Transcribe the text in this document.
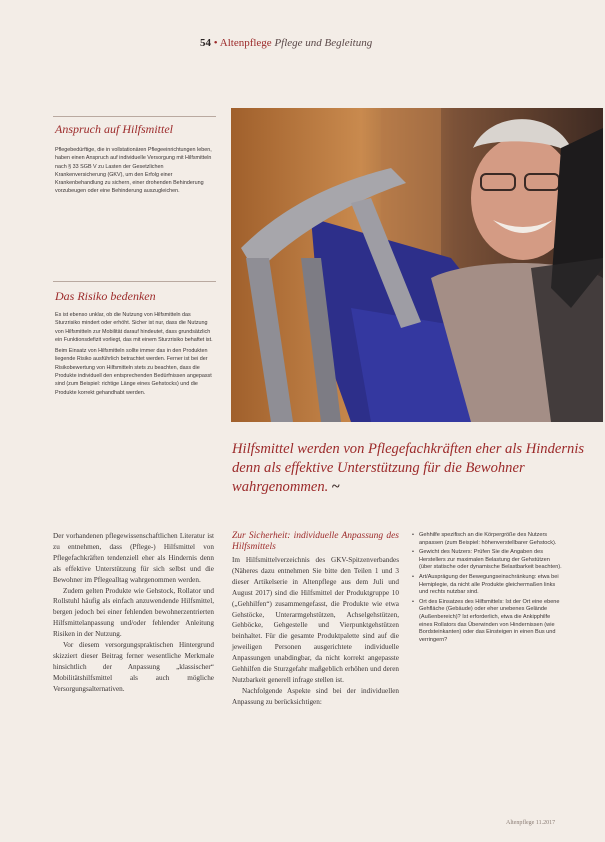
54 • Altenpflege Pflege und Begleitung
Anspruch auf Hilfsmittel
Pflegebedürftige, die in vollstationären Pflegeeinrichtungen leben, haben einen Anspruch auf individuelle Versorgung mit Hilfsmitteln nach § 33 SGB V zu Lasten der Gesetzlichen Krankenversicherung (GKV), um den Erfolg einer Krankenbehandlung zu sichern, einer drohenden Behinderung vorzubeugen oder eine Behinderung auszugleichen.
Das Risiko bedenken

Es ist ebenso unklar, ob die Nutzung von Hilfsmitteln das Sturzrisiko mindert oder erhöht. Sicher ist nur, dass die Nutzung von Hilfsmitteln zur Mobilität darauf hindeutet, dass grundsätzlich ein Funktionsdefizit vorliegt, das mit einem Sturzrisiko behaftet ist.

Beim Einsatz von Hilfsmitteln sollte immer das in den Produkten liegende Risiko ausführlich betrachtet werden. Ferner ist bei der Risikobewertung von Hilfsmitteln stets zu beachten, dass die Produkte individuell den entsprechenden Bedürfnissen angepasst sind (zum Beispiel: richtige Länge eines Gehstocks) und die Produkte korrekt gehandhabt werden.

Hilfsmittel werden von Pflegefachkräften eher als Hindernis denn als effektive Unterstützung für die Bewohner wahrgenommen. ~

Der vorhandenen pflegewissenschaftlichen Literatur ist zu entnehmen, dass (Pflege-) Hilfsmittel von Pflegefachkräften tendenziell eher als Hindernis denn als effektive Unterstützung für sich selbst und die Bewohner im Pflegealltag wahrgenommen werden.

Zudem gelten Produkte wie Gehstock, Rollator und Rollstuhl häufig als einfach anzuwendende Hilfsmittel, bergen jedoch bei einer fehlenden bewohnerzentrierten Hilfsmittelanpassung und/oder fehlender Anleitung Risiken in der Nutzung.

Vor diesem versorgungspraktischen Hintergrund skizziert dieser Beitrag ferner wesentliche Merkmale hinsichtlich der Anpassung „klassischer“ Mobilitätshilfsmittel als auch mögliche Versorgungsalternativen.

Zur Sicherheit: individuelle Anpassung des Hilfsmittels

Im Hilfsmittelverzeichnis des GKV-Spitzenverbandes (Näheres dazu entnehmen Sie bitte den Teilen 1 und 3 dieser Artikelserie in Altenpflege aus dem Juli und August 2017) sind die Hilfsmittel der Produktgruppe 10 („Gehhilfen“) zusammengefasst, die Produkte wie etwa Gehstöcke, Unterarmgehstützen, Achselgehstützen, Gehböcke, Gehgestelle und Vierpunktgehstützen beinhaltet. Für die gesamte Produktpalette sind auf die jeweiligen Personen ausgerichtete individuelle Anpassungen unabdingbar, da nicht korrekt angepasste Gehhilfen die Sturzgefahr maßgeblich erhöhen und deren Nutzbarkeit generell infrage stellen ist.

Nachfolgende Aspekte sind bei der individuellen Anpassung zu berücksichtigen:

• Gehhilfe spezifisch an die Körpergröße des Nutzers anpassen (zum Beispiel: höhenverstellbarer Gehstock).
• Gewicht des Nutzers: Prüfen Sie die Angaben des Herstellers zur maximalen Belastung der Gehstützen (über statische oder dynamische Belastbarkeit beachten).
• Art/Ausprägung der Bewegungseinschränkung: etwa bei Hemiplegie, da nicht alle Produkte gleichermaßen links und rechts nutzbar sind.
• Ort des Einsatzes des Hilfsmittels: Ist der Ort eine ebene Gehfläche (Gebäude) oder eher unebenes Gelände (Außenbereich)? Ist erforderlich, etwa die Ankipphilfe eines Rollators das Überwinden von Hindernissen (wie Bordsteinkanten) oder das Einsteigen in einen Bus und verringern?
Altenpflege 11.2017
